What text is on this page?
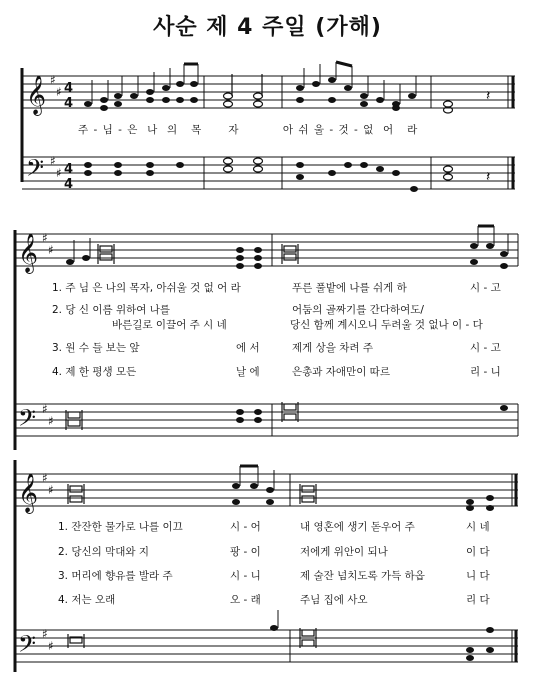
사순 제 4 주일 (가해)
𝄞
𝄢
♯
♯
♯
♯
4
4
4
4
𝄽
𝄽
주 - 님 - 은 나 의 목 자	아 쉬 울 - 것 - 없 어 라
𝄞
𝄢
♯
♯
♯
♯
1. 주 님 은 나의 목자, 아쉬울 것 없 어 라	푸른 풀밭에 나를 쉬게 하	시 - 고
2. 당 신 이름 위하여 나를	어둠의 골짜기를 간다하여도/
바른길로 이끌어 주 시 네	당신 함께 계시오니 두려울 것 없나 이 - 다
3. 원 수 들 보는 앞	에 서	제게 상을 차려 주	시 - 고
4. 제 한 평생 모든	날 에	은총과 자애만이 따르	리 - 니
𝄞
𝄢
♯
♯
♯
♯
1. 잔잔한 물가로 나를 이끄	시 - 어	내 영혼에 생기 돋우어 주	시 네
2. 당신의 막대와 지	팡 - 이	저에게 위안이 되나	이 다
3. 머리에 향유를 발라 주	시 - 니	제 술잔 넘치도록 가득 하옵	니 다
4. 저는 오래	오 - 래	주님 집에 사오	리 다
